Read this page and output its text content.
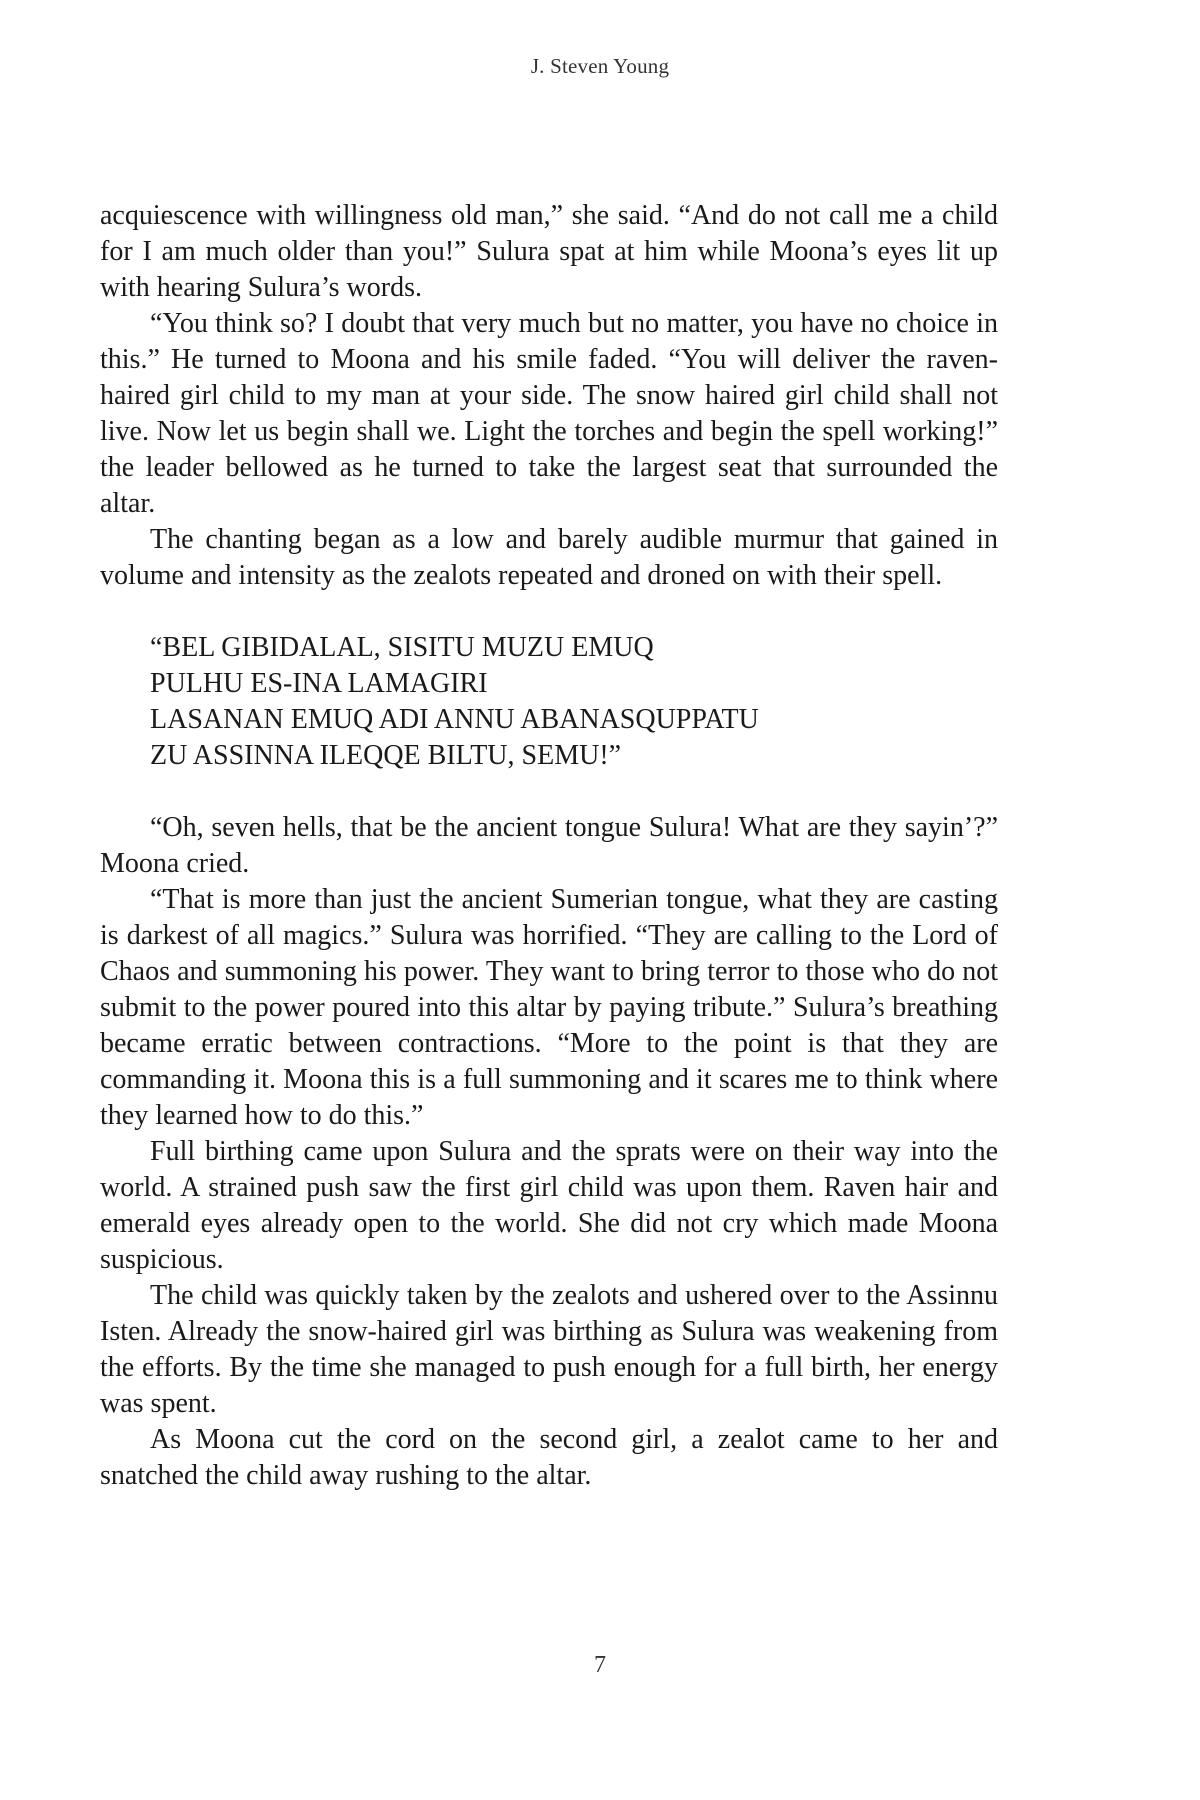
J. Steven Young

acquiescence with willingness old man,” she said. “And do not call me a child for I am much older than you!” Sulura spat at him while Moona’s eyes lit up with hearing Sulura’s words.

“You think so? I doubt that very much but no matter, you have no choice in this.” He turned to Moona and his smile faded. “You will deliver the raven-haired girl child to my man at your side. The snow haired girl child shall not live. Now let us begin shall we. Light the torches and begin the spell working!” the leader bellowed as he turned to take the largest seat that surrounded the altar.

The chanting began as a low and barely audible murmur that gained in volume and intensity as the zealots repeated and droned on with their spell.

“BEL GIBIDALAL, SISITU MUZU EMUQ
PULHU ES-INA LAMAGIRI
LASANAN EMUQ ADI ANNU ABANASQUPPATU
ZU ASSINNA ILEQQE BILTU, SEMU!”

“Oh, seven hells, that be the ancient tongue Sulura! What are they sayin’?” Moona cried.

“That is more than just the ancient Sumerian tongue, what they are casting is darkest of all magics.” Sulura was horrified. “They are calling to the Lord of Chaos and summoning his power. They want to bring terror to those who do not submit to the power poured into this altar by paying tribute.” Sulura’s breathing became erratic between contractions. “More to the point is that they are commanding it. Moona this is a full summoning and it scares me to think where they learned how to do this.”

Full birthing came upon Sulura and the sprats were on their way into the world. A strained push saw the first girl child was upon them. Raven hair and emerald eyes already open to the world. She did not cry which made Moona suspicious.

The child was quickly taken by the zealots and ushered over to the Assinnu Isten. Already the snow-haired girl was birthing as Sulura was weakening from the efforts. By the time she managed to push enough for a full birth, her energy was spent.

As Moona cut the cord on the second girl, a zealot came to her and snatched the child away rushing to the altar.

7
